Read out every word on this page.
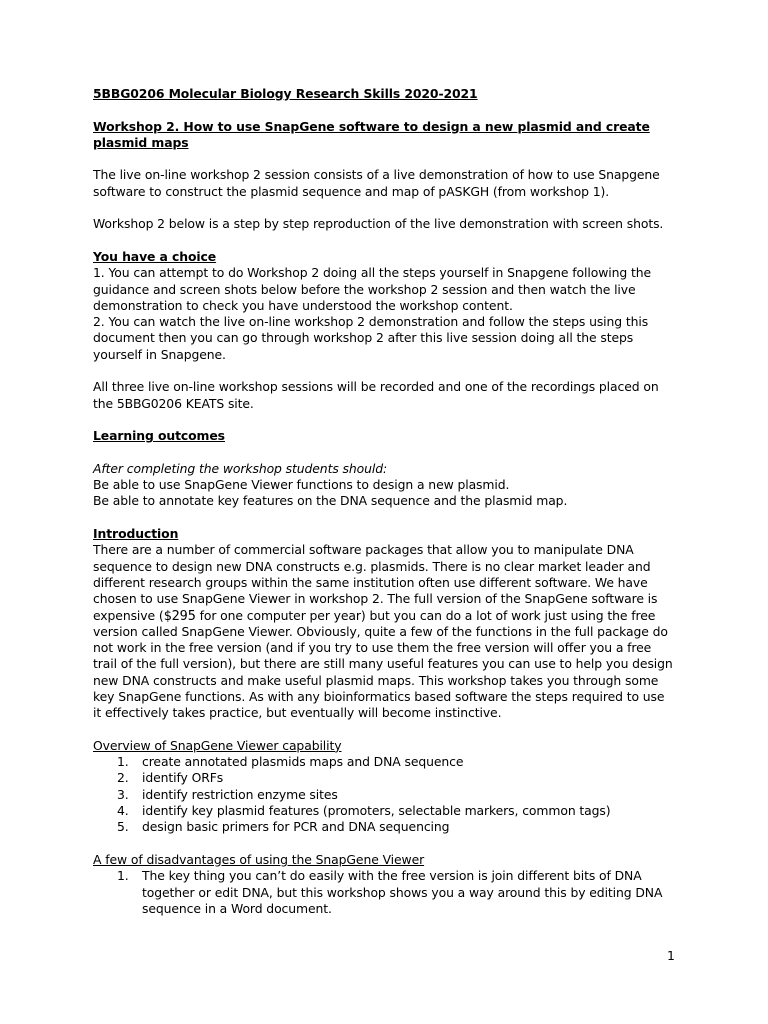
5BBG0206 Molecular Biology Research Skills 2020-2021

Workshop 2. How to use SnapGene software to design a new plasmid and create plasmid maps

The live on-line workshop 2 session consists of a live demonstration of how to use Snapgene software to construct the plasmid sequence and map of pASKGH (from workshop 1).

Workshop 2 below is a step by step reproduction of the live demonstration with screen shots.

You have a choice

1. You can attempt to do Workshop 2 doing all the steps yourself in Snapgene following the guidance and screen shots below before the workshop 2 session and then watch the live demonstration to check you have understood the workshop content.

2. You can watch the live on-line workshop 2 demonstration and follow the steps using this document then you can go through workshop 2 after this live session doing all the steps yourself in Snapgene.

All three live on-line workshop sessions will be recorded and one of the recordings placed on the 5BBG0206 KEATS site.

Learning outcomes

After completing the workshop students should:

Be able to use SnapGene Viewer functions to design a new plasmid.

Be able to annotate key features on the DNA sequence and the plasmid map.

Introduction

There are a number of commercial software packages that allow you to manipulate DNA sequence to design new DNA constructs e.g. plasmids. There is no clear market leader and different research groups within the same institution often use different software. We have chosen to use SnapGene Viewer in workshop 2. The full version of the SnapGene software is expensive ($295 for one computer per year) but you can do a lot of work just using the free version called SnapGene Viewer. Obviously, quite a few of the functions in the full package do not work in the free version (and if you try to use them the free version will offer you a free trail of the full version), but there are still many useful features you can use to help you design new DNA constructs and make useful plasmid maps. This workshop takes you through some key SnapGene functions. As with any bioinformatics based software the steps required to use it effectively takes practice, but eventually will become instinctive.

Overview of SnapGene Viewer capability

1.	create annotated plasmids maps and DNA sequence
2.	identify ORFs
3.	identify restriction enzyme sites
4.	identify key plasmid features (promoters, selectable markers, common tags)
5.	design basic primers for PCR and DNA sequencing

A few of disadvantages of using the SnapGene Viewer

1.	The key thing you can’t do easily with the free version is join different bits of DNA together or edit DNA, but this workshop shows you a way around this by editing DNA sequence in a Word document.
1
